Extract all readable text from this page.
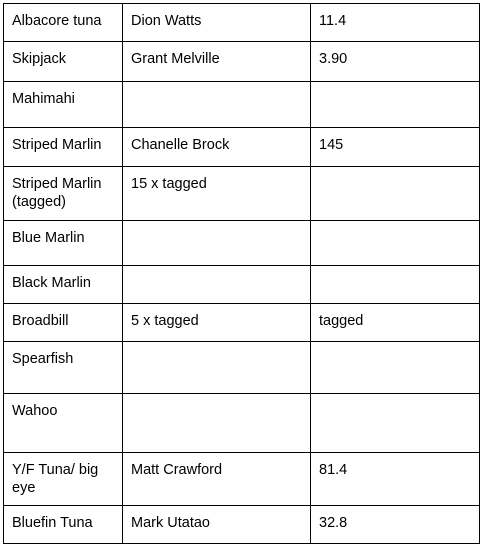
Albacore tuna	Dion Watts	11.4
Skipjack	Grant Melville	3.90
Mahimahi		
Striped Marlin	Chanelle Brock	145
Striped Marlin (tagged)	15 x tagged	
Blue Marlin		
Black Marlin		
Broadbill	5 x tagged	tagged
Spearfish		
Wahoo		
Y/F Tuna/ big eye	Matt Crawford	81.4
Bluefin Tuna	Mark Utatao	32.8
